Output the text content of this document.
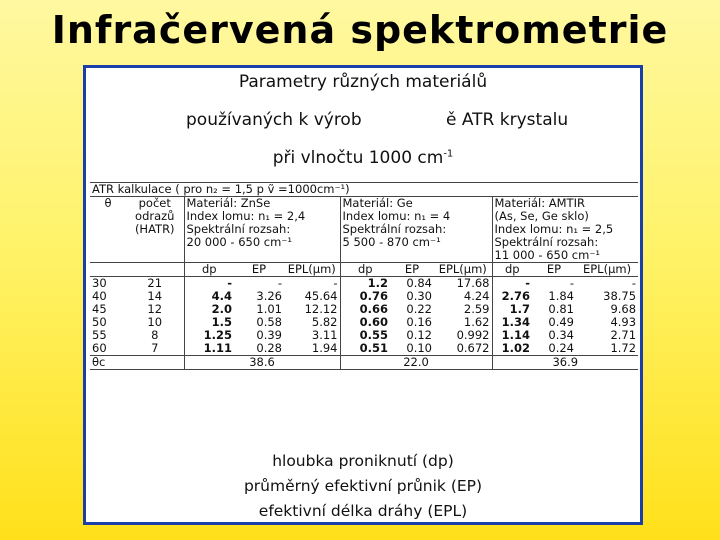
Infračervená spektrometrie
Parametry různých materiálů
používaných k výrob	ě ATR krystalu
při vlnočtu 1000 $cm^{-1}$
ATR kalkulace ( pro n₂ = 1,5 p ṽ =1000cm⁻¹)										
θ	počet	Materiál: ZnSe			Materiál: Ge			Materiál: AMTIR		
	odrazů	Index lomu: n₁ = 2,4			Index lomu: n₁ = 4			(As, Se, Ge sklo)		
	(HATR)	Spektrální rozsah:			Spektrální rozsah:			Index lomu: n₁ = 2,5		
		20 000 - 650 cm⁻¹			5 500 - 870 cm⁻¹			Spektrální rozsah:		
								11 000 - 650 cm⁻¹		
		dp	EP	EPL(μm)	dp	EP	EPL(μm)	dp	EP	EPL(μm)
30	21	-	-	-	1.2	0.84	17.68	-	-	-
40	14	4.4	3.26	45.64	0.76	0.30	4.24	2.76	1.84	38.75
45	12	2.0	1.01	12.12	0.66	0.22	2.59	1.7	0.81	9.68
50	10	1.5	0.58	5.82	0.60	0.16	1.62	1.34	0.49	4.93
55	8	1.25	0.39	3.11	0.55	0.12	0.992	1.14	0.34	2.71
60	7	1.11	0.28	1.94	0.51	0.10	0.672	1.02	0.24	1.72
θc		38.6			22.0			36.9		
hloubka proniknutí (dp)
průměrný efektivní průnik (EP)
efektivní délka dráhy (EPL)
